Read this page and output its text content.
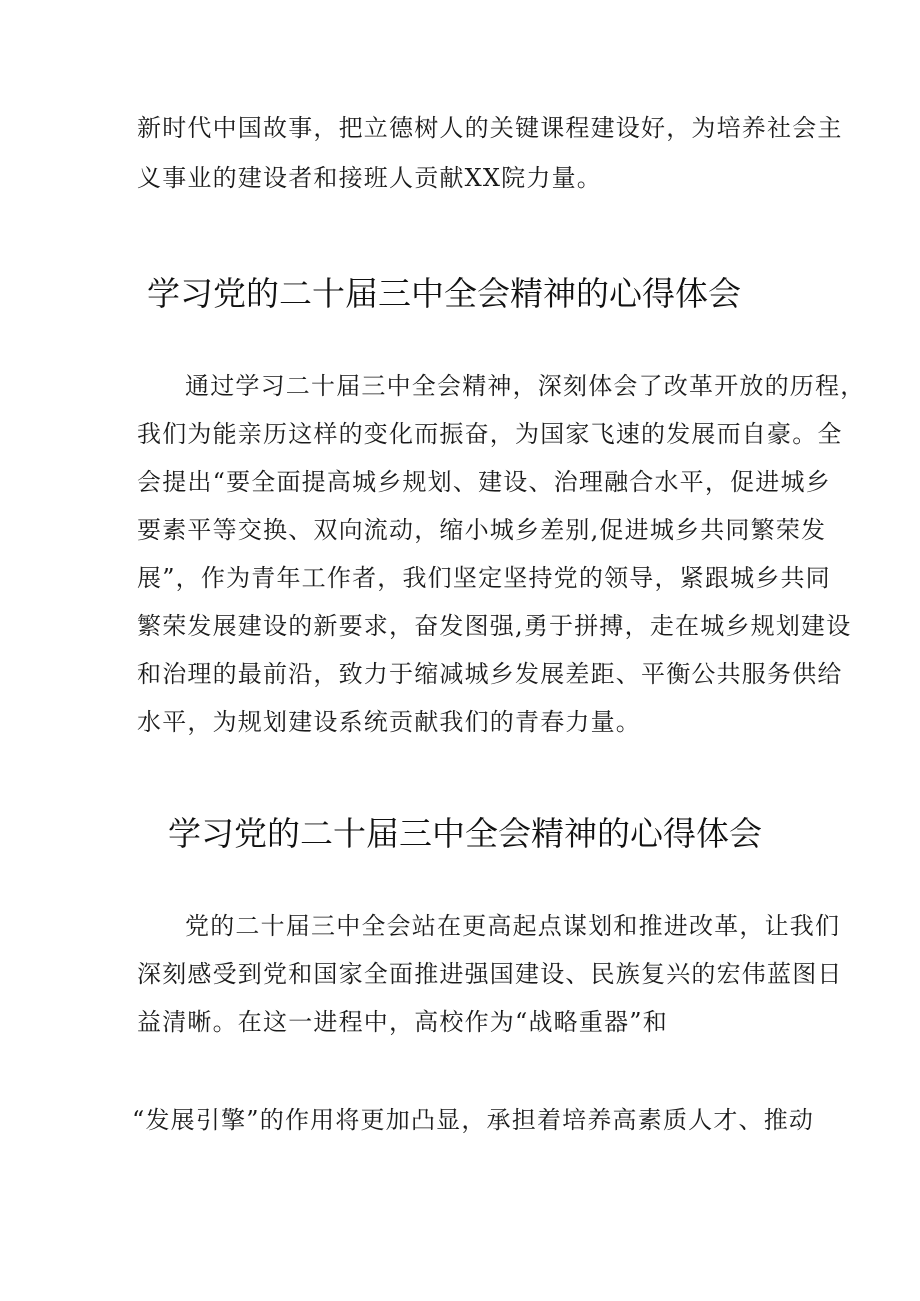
新时代中国故事，把立德树人的关键课程建设好，为培养社会主
义事业的建设者和接班人贡献XX院力量。
学习党的二十届三中全会精神的心得体会
通过学习二十届三中全会精神，深刻体会了改革开放的历程，
我们为能亲历这样的变化而振奋，为国家飞速的发展而自豪。全
会提出“要全面提高城乡规划、建设、治理融合水平，促进城乡
要素平等交换、双向流动，缩小城乡差别,促进城乡共同繁荣发
展”，作为青年工作者，我们坚定坚持党的领导，紧跟城乡共同
繁荣发展建设的新要求，奋发图强,勇于拼搏，走在城乡规划建设
和治理的最前沿，致力于缩减城乡发展差距、平衡公共服务供给
水平，为规划建设系统贡献我们的青春力量。
学习党的二十届三中全会精神的心得体会
党的二十届三中全会站在更高起点谋划和推进改革，让我们
深刻感受到党和国家全面推进强国建设、民族复兴的宏伟蓝图日
益清晰。在这一进程中，高校作为“战略重器”和
“发展引擎”的作用将更加凸显，承担着培养高素质人才、推动
